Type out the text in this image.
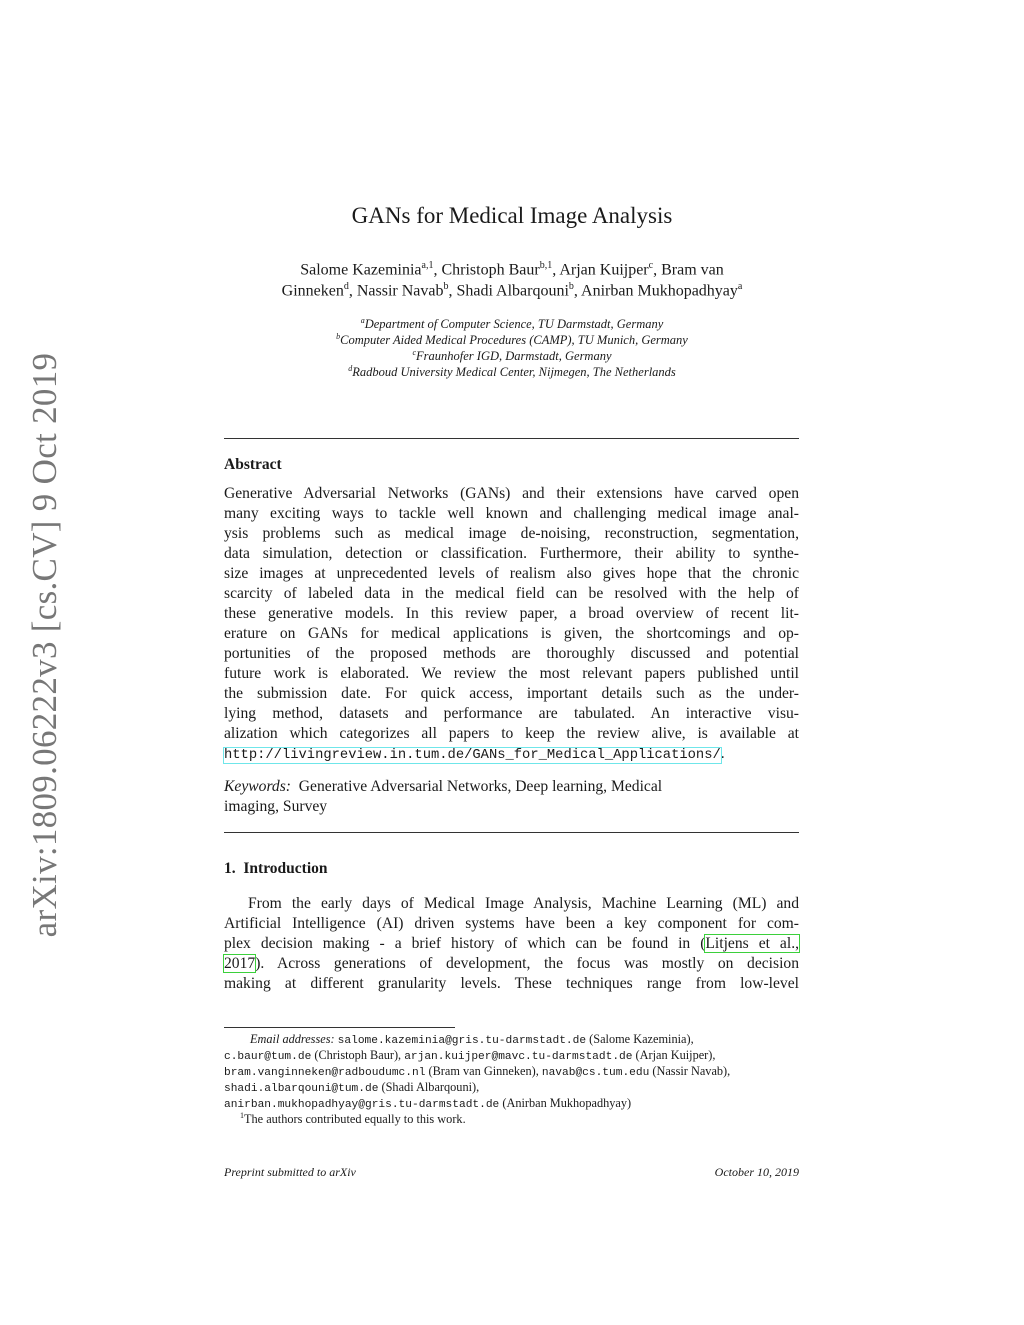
arXiv:1809.06222v3 [cs.CV] 9 Oct 2019
GANs for Medical Image Analysis
Salome Kazeminia$^{a,1}$, Christoph Baur$^{b,1}$, Arjan Kuijper$^c$, Bram van
Ginneken$^d$, Nassir Navab$^b$, Shadi Albarqouni$^b$, Anirban Mukhopadhyay$^a$
$^a$Department of Computer Science, TU Darmstadt, Germany
$^b$Computer Aided Medical Procedures (CAMP), TU Munich, Germany
$^c$Fraunhofer IGD, Darmstadt, Germany
$^d$Radboud University Medical Center, Nijmegen, The Netherlands
Abstract
Generative Adversarial Networks (GANs) and their extensions have carved open
many exciting ways to tackle well known and challenging medical image anal-
ysis problems such as medical image de-noising, reconstruction, segmentation,
data simulation, detection or classification. Furthermore, their ability to synthe-
size images at unprecedented levels of realism also gives hope that the chronic
scarcity of labeled data in the medical field can be resolved with the help of
these generative models. In this review paper, a broad overview of recent lit-
erature on GANs for medical applications is given, the shortcomings and op-
portunities of the proposed methods are thoroughly discussed and potential
future work is elaborated. We review the most relevant papers published until
the submission date. For quick access, important details such as the under-
lying method, datasets and performance are tabulated. An interactive visu-
alization which categorizes all papers to keep the review alive, is available at
http://livingreview.in.tum.de/GANs_for_Medical_Applications/.
Keywords: Generative Adversarial Networks, Deep learning, Medical
imaging, Survey
1.  Introduction
From the early days of Medical Image Analysis, Machine Learning (ML) and
Artificial Intelligence (AI) driven systems have been a key component for com-
plex decision making - a brief history of which can be found in (Litjens et al.,
2017). Across generations of development, the focus was mostly on decision
making at different granularity levels. These techniques range from low-level
Email addresses: salome.kazeminia@gris.tu-darmstadt.de (Salome Kazeminia),
c.baur@tum.de (Christoph Baur), arjan.kuijper@mavc.tu-darmstadt.de (Arjan Kuijper),
bram.vanginneken@radboudumc.nl (Bram van Ginneken), navab@cs.tum.edu (Nassir Navab),
shadi.albarqouni@tum.de (Shadi Albarqouni),
anirban.mukhopadhyay@gris.tu-darmstadt.de (Anirban Mukhopadhyay)
$^1$The authors contributed equally to this work.
Preprint submitted to arXiv	October 10, 2019
